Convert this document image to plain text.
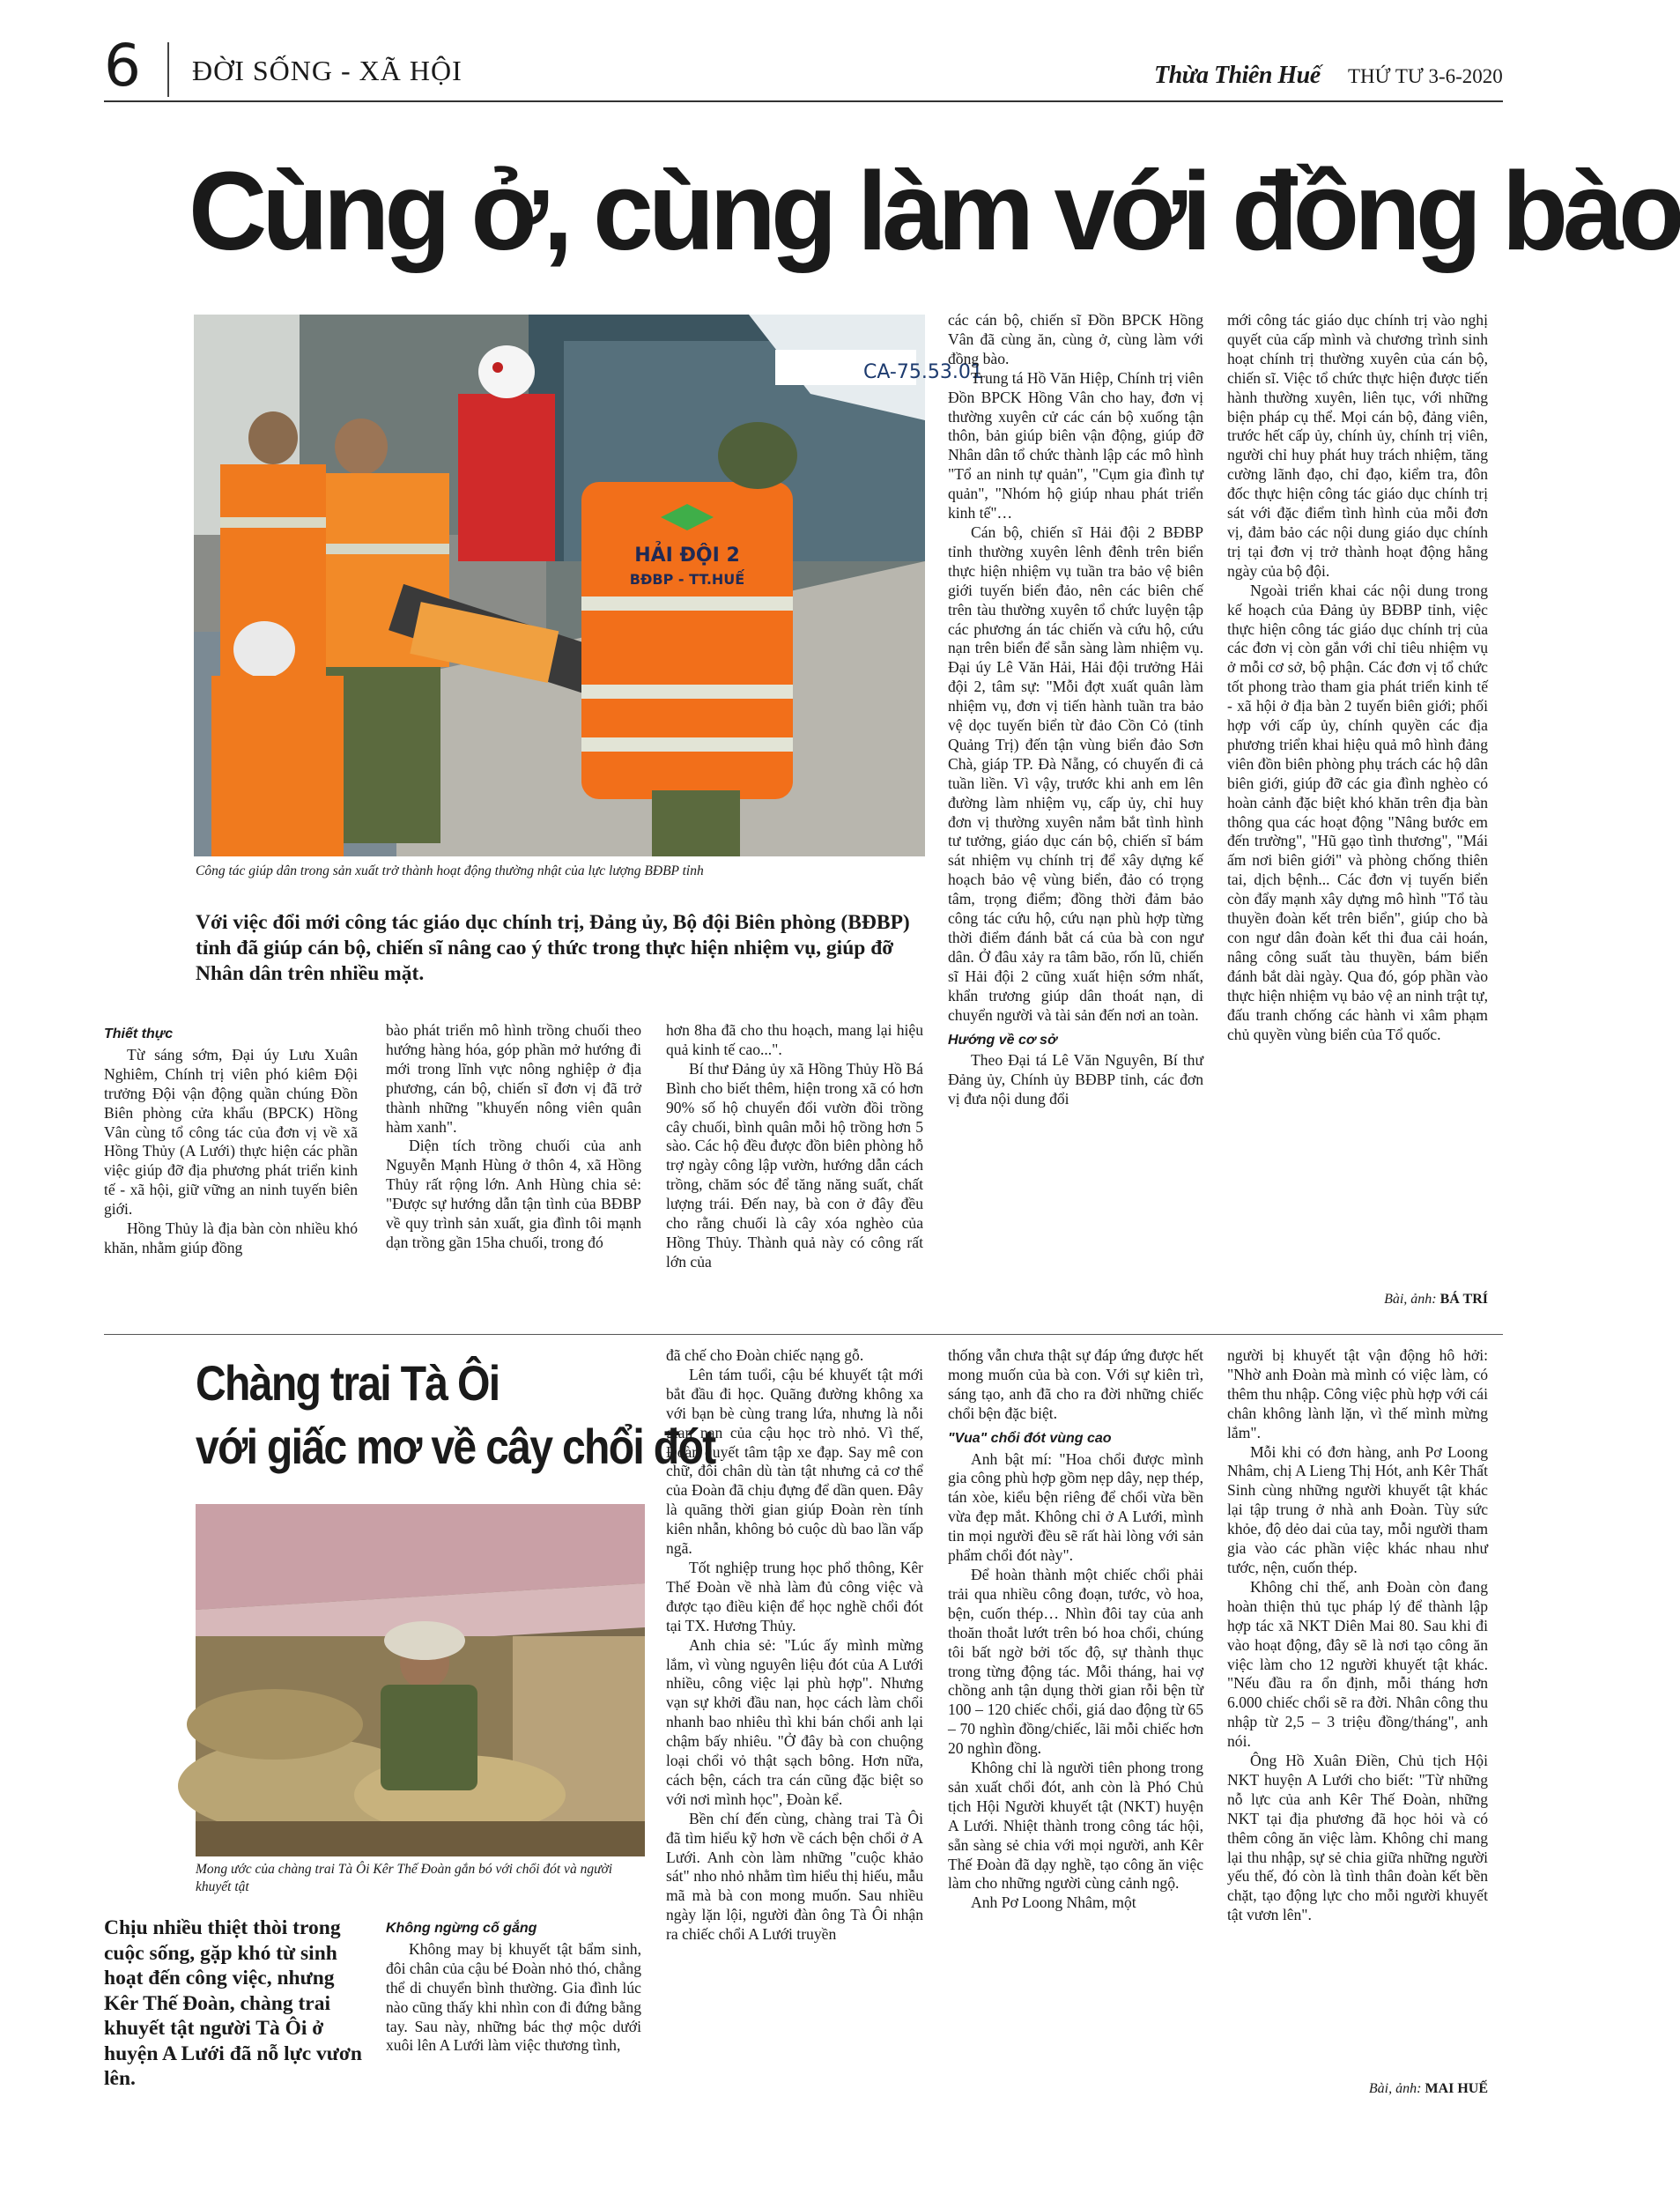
6 ĐỜI SỐNG - XÃ HỘI	Thừa Thiên Huế THỨ TƯ 3-6-2020
Cùng ở, cùng làm với đồng bào
CA-75.53.01
HẢI ĐỘI 2
BĐBP - TT.HUẾ
Công tác giúp dân trong sản xuất trở thành hoạt động thường nhật của lực lượng BĐBP tỉnh
Với việc đổi mới công tác giáo dục chính trị, Đảng ủy, Bộ đội Biên phòng (BĐBP) tỉnh đã giúp cán bộ, chiến sĩ nâng cao ý thức trong thực hiện nhiệm vụ, giúp đỡ Nhân dân trên nhiều mặt.
Thiết thực

Từ sáng sớm, Đại úy Lưu Xuân Nghiêm, Chính trị viên phó kiêm Đội trưởng Đội vận động quần chúng Đồn Biên phòng cửa khẩu (BPCK) Hồng Vân cùng tổ công tác của đơn vị về xã Hồng Thủy (A Lưới) thực hiện các phần việc giúp đỡ địa phương phát triển kinh tế - xã hội, giữ vững an ninh tuyến biên giới.

Hồng Thủy là địa bàn còn nhiều khó khăn, nhằm giúp đồng

bào phát triển mô hình trồng chuối theo hướng hàng hóa, góp phần mở hướng đi mới trong lĩnh vực nông nghiệp ở địa phương, cán bộ, chiến sĩ đơn vị đã trở thành những "khuyến nông viên quân hàm xanh".

Diện tích trồng chuối của anh Nguyễn Mạnh Hùng ở thôn 4, xã Hồng Thủy rất rộng lớn. Anh Hùng chia sẻ: "Được sự hướng dẫn tận tình của BĐBP về quy trình sản xuất, gia đình tôi mạnh dạn trồng gần 15ha chuối, trong đó

hơn 8ha đã cho thu hoạch, mang lại hiệu quả kinh tế cao...".

Bí thư Đảng ủy xã Hồng Thủy Hồ Bá Bình cho biết thêm, hiện trong xã có hơn 90% số hộ chuyển đổi vườn đồi trồng cây chuối, bình quân mỗi hộ trồng hơn 5 sào. Các hộ đều được đồn biên phòng hỗ trợ ngày công lập vườn, hướng dẫn cách trồng, chăm sóc để tăng năng suất, chất lượng trái. Đến nay, bà con ở đây đều cho rằng chuối là cây xóa nghèo của Hồng Thủy. Thành quả này có công rất lớn của

các cán bộ, chiến sĩ Đồn BPCK Hồng Vân đã cùng ăn, cùng ở, cùng làm với đồng bào.

Trung tá Hồ Văn Hiệp, Chính trị viên Đồn BPCK Hồng Vân cho hay, đơn vị thường xuyên cử các cán bộ xuống tận thôn, bản giúp biên vận động, giúp đỡ Nhân dân tổ chức thành lập các mô hình "Tổ an ninh tự quản", "Cụm gia đình tự quản", "Nhóm hộ giúp nhau phát triển kinh tế"…

Cán bộ, chiến sĩ Hải đội 2 BĐBP tỉnh thường xuyên lênh đênh trên biển thực hiện nhiệm vụ tuần tra bảo vệ biên giới tuyến biển đảo, nên các biên chế trên tàu thường xuyên tổ chức luyện tập các phương án tác chiến và cứu hộ, cứu nạn trên biển để sẵn sàng làm nhiệm vụ. Đại úy Lê Văn Hải, Hải đội trưởng Hải đội 2, tâm sự: "Mỗi đợt xuất quân làm nhiệm vụ, đơn vị tiến hành tuần tra bảo vệ dọc tuyến biển từ đảo Cồn Cỏ (tỉnh Quảng Trị) đến tận vùng biển đảo Sơn Chà, giáp TP. Đà Nẵng, có chuyến đi cả tuần liền. Vì vậy, trước khi anh em lên đường làm nhiệm vụ, cấp ủy, chỉ huy đơn vị thường xuyên nắm bắt tình hình tư tưởng, giáo dục cán bộ, chiến sĩ bám sát nhiệm vụ chính trị để xây dựng kế hoạch bảo vệ vùng biển, đảo có trọng tâm, trọng điểm; đồng thời đảm bảo công tác cứu hộ, cứu nạn phù hợp từng thời điểm đánh bắt cá của bà con ngư dân. Ở đâu xảy ra tâm bão, rốn lũ, chiến sĩ Hải đội 2 cũng xuất hiện sớm nhất, khẩn trương giúp dân thoát nạn, di chuyển người và tài sản đến nơi an toàn.

Hướng về cơ sở

Theo Đại tá Lê Văn Nguyên, Bí thư Đảng ủy, Chính ủy BĐBP tỉnh, các đơn vị đưa nội dung đổi

mới công tác giáo dục chính trị vào nghị quyết của cấp mình và chương trình sinh hoạt chính trị thường xuyên của cán bộ, chiến sĩ. Việc tổ chức thực hiện được tiến hành thường xuyên, liên tục, với những biện pháp cụ thể. Mọi cán bộ, đảng viên, trước hết cấp ủy, chính ủy, chính trị viên, người chỉ huy phát huy trách nhiệm, tăng cường lãnh đạo, chỉ đạo, kiểm tra, đôn đốc thực hiện công tác giáo dục chính trị sát với đặc điểm tình hình của mỗi đơn vị, đảm bảo các nội dung giáo dục chính trị tại đơn vị trở thành hoạt động hằng ngày của bộ đội.

Ngoài triển khai các nội dung trong kế hoạch của Đảng ủy BĐBP tỉnh, việc thực hiện công tác giáo dục chính trị của các đơn vị còn gắn với chỉ tiêu nhiệm vụ ở mỗi cơ sở, bộ phận. Các đơn vị tổ chức tốt phong trào tham gia phát triển kinh tế - xã hội ở địa bàn 2 tuyến biên giới; phối hợp với cấp ủy, chính quyền các địa phương triển khai hiệu quả mô hình đảng viên đồn biên phòng phụ trách các hộ dân biên giới, giúp đỡ các gia đình nghèo có hoàn cảnh đặc biệt khó khăn trên địa bàn thông qua các hoạt động "Nâng bước em đến trường", "Hũ gạo tình thương", "Mái ấm nơi biên giới" và phòng chống thiên tai, dịch bệnh... Các đơn vị tuyến biển còn đẩy mạnh xây dựng mô hình "Tổ tàu thuyền đoàn kết trên biển", giúp cho bà con ngư dân đoàn kết thi đua cải hoán, nâng công suất tàu thuyền, bám biển đánh bắt dài ngày. Qua đó, góp phần vào thực hiện nhiệm vụ bảo vệ an ninh trật tự, đấu tranh chống các hành vi xâm phạm chủ quyền vùng biển của Tổ quốc.

Bài, ảnh: BÁ TRÍ
Chàng trai Tà Ôi
với giấc mơ về cây chổi đót
Mong ước của chàng trai Tà Ôi Kêr Thế Đoàn gắn bó với chổi đót và người khuyết tật
Chịu nhiều thiệt thòi trong cuộc sống, gặp khó từ sinh hoạt đến công việc, nhưng Kêr Thế Đoàn, chàng trai khuyết tật người Tà Ôi ở huyện A Lưới đã nỗ lực vươn lên.
Không ngừng cố gắng

Không may bị khuyết tật bẩm sinh, đôi chân của cậu bé Đoàn nhỏ thó, chẳng thể di chuyển bình thường. Gia đình lúc nào cũng thấy khi nhìn con đi đứng bằng tay. Sau này, những bác thợ mộc dưới xuôi lên A Lưới làm việc thương tình,

đã chế cho Đoàn chiếc nạng gỗ.

Lên tám tuổi, cậu bé khuyết tật mới bắt đầu đi học. Quãng đường không xa với bạn bè cùng trang lứa, nhưng là nỗi gian nan của cậu học trò nhỏ. Vì thế, Đoàn quyết tâm tập xe đạp. Say mê con chữ, đôi chân dù tàn tật nhưng cả cơ thể của Đoàn đã chịu đựng để dần quen. Đây là quãng thời gian giúp Đoàn rèn tính kiên nhẫn, không bỏ cuộc dù bao lần vấp ngã.

Tốt nghiệp trung học phổ thông, Kêr Thế Đoàn về nhà làm đủ công việc và được tạo điều kiện để học nghề chổi đót tại TX. Hương Thủy.

Anh chia sẻ: "Lúc ấy mình mừng lắm, vì vùng nguyên liệu đót của A Lưới nhiều, công việc lại phù hợp". Nhưng vạn sự khởi đầu nan, học cách làm chổi nhanh bao nhiêu thì khi bán chổi anh lại chậm bấy nhiêu. "Ở đây bà con chuộng loại chổi vỏ thật sạch bông. Hơn nữa, cách bện, cách tra cán cũng đặc biệt so với nơi mình học", Đoàn kể.

Bền chí đến cùng, chàng trai Tà Ôi đã tìm hiểu kỹ hơn về cách bện chổi ở A Lưới. Anh còn làm những "cuộc khảo sát" nho nhỏ nhằm tìm hiểu thị hiếu, mẫu mã mà bà con mong muốn. Sau nhiều ngày lặn lội, người đàn ông Tà Ôi nhận ra chiếc chổi A Lưới truyền

thống vẫn chưa thật sự đáp ứng được hết mong muốn của bà con. Với sự kiên trì, sáng tạo, anh đã cho ra đời những chiếc chổi bện đặc biệt.

"Vua" chổi đót vùng cao

Anh bật mí: "Hoa chổi được mình gia công phù hợp gồm nẹp dây, nẹp thép, tán xòe, kiểu bện riêng để chổi vừa bền vừa đẹp mắt. Không chỉ ở A Lưới, mình tin mọi người đều sẽ rất hài lòng với sản phẩm chổi đót này".

Để hoàn thành một chiếc chổi phải trải qua nhiều công đoạn, tước, vò hoa, bện, cuốn thép… Nhìn đôi tay của anh thoăn thoắt lướt trên bó hoa chổi, chúng tôi bất ngờ bởi tốc độ, sự thành thục trong từng động tác. Mỗi tháng, hai vợ chồng anh tận dụng thời gian rỗi bện từ 100 – 120 chiếc chổi, giá dao động từ 65 – 70 nghìn đồng/chiếc, lãi mỗi chiếc hơn 20 nghìn đồng.

Không chỉ là người tiên phong trong sản xuất chổi đót, anh còn là Phó Chủ tịch Hội Người khuyết tật (NKT) huyện A Lưới. Nhiệt thành trong công tác hội, sẵn sàng sẻ chia với mọi người, anh Kêr Thế Đoàn đã dạy nghề, tạo công ăn việc làm cho những người cùng cảnh ngộ.

Anh Pơ Loong Nhâm, một

người bị khuyết tật vận động hô hởi: "Nhờ anh Đoàn mà mình có việc làm, có thêm thu nhập. Công việc phù hợp với cái chân không lành lặn, vì thế mình mừng lắm".

Mỗi khi có đơn hàng, anh Pơ Loong Nhâm, chị A Lieng Thị Hót, anh Kêr Thất Sinh cùng những người khuyết tật khác lại tập trung ở nhà anh Đoàn. Tùy sức khỏe, độ dẻo dai của tay, mỗi người tham gia vào các phần việc khác nhau như tước, nện, cuốn thép.

Không chỉ thế, anh Đoàn còn đang hoàn thiện thủ tục pháp lý để thành lập hợp tác xã NKT Diên Mai 80. Sau khi đi vào hoạt động, đây sẽ là nơi tạo công ăn việc làm cho 12 người khuyết tật khác. "Nếu đầu ra ổn định, mỗi tháng hơn 6.000 chiếc chổi sẽ ra đời. Nhân công thu nhập từ 2,5 – 3 triệu đồng/tháng", anh nói.

Ông Hồ Xuân Điền, Chủ tịch Hội NKT huyện A Lưới cho biết: "Từ những nỗ lực của anh Kêr Thế Đoàn, những NKT tại địa phương đã học hỏi và có thêm công ăn việc làm. Không chỉ mang lại thu nhập, sự sẻ chia giữa những người yếu thế, đó còn là tình thân đoàn kết bền chặt, tạo động lực cho mỗi người khuyết tật vươn lên".

Bài, ảnh: MAI HUẾ
